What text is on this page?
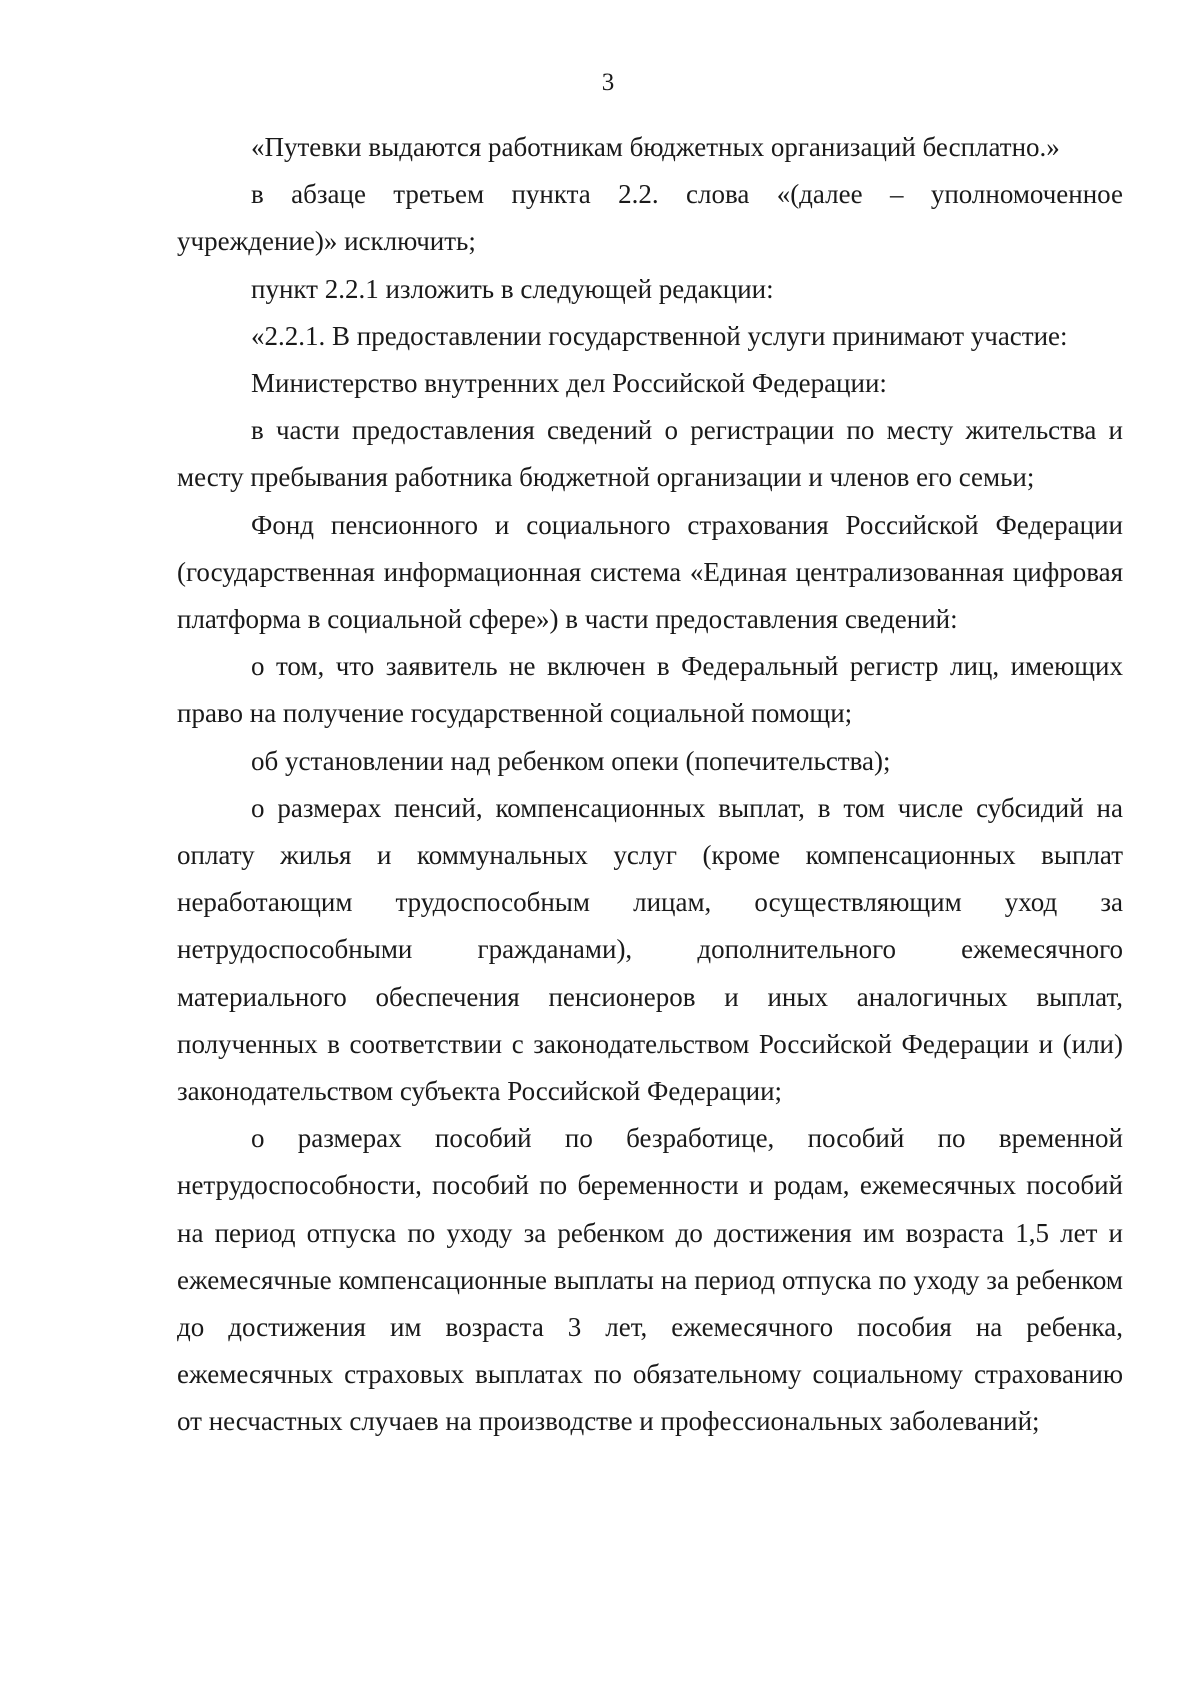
3

«Путевки выдаются работникам бюджетных организаций бесплатно.»

в абзаце третьем пункта 2.2. слова «(далее – уполномоченное учреждение)» исключить;

пункт 2.2.1 изложить в следующей редакции:

«2.2.1. В предоставлении государственной услуги принимают участие:

Министерство внутренних дел Российской Федерации:

в части предоставления сведений о регистрации по месту жительства и месту пребывания работника бюджетной организации и членов его семьи;

Фонд пенсионного и социального страхования Российской Федерации (государственная информационная система «Единая централизованная цифровая платформа в социальной сфере») в части предоставления сведений:

о том, что заявитель не включен в Федеральный регистр лиц, имеющих право на получение государственной социальной помощи;

об установлении над ребенком опеки (попечительства);

о размерах пенсий, компенсационных выплат, в том числе субсидий на оплату жилья и коммунальных услуг (кроме компенсационных выплат неработающим трудоспособным лицам, осуществляющим уход за нетрудоспособными гражданами), дополнительного ежемесячного материального обеспечения пенсионеров и иных аналогичных выплат, полученных в соответствии с законодательством Российской Федерации и (или) законодательством субъекта Российской Федерации;

о размерах пособий по безработице, пособий по временной нетрудоспособности, пособий по беременности и родам, ежемесячных пособий на период отпуска по уходу за ребенком до достижения им возраста 1,5 лет и ежемесячные компенсационные выплаты на период отпуска по уходу за ребенком до достижения им возраста 3 лет, ежемесячного пособия на ребенка, ежемесячных страховых выплатах по обязательному социальному страхованию от несчастных случаев на производстве и профессиональных заболеваний;
